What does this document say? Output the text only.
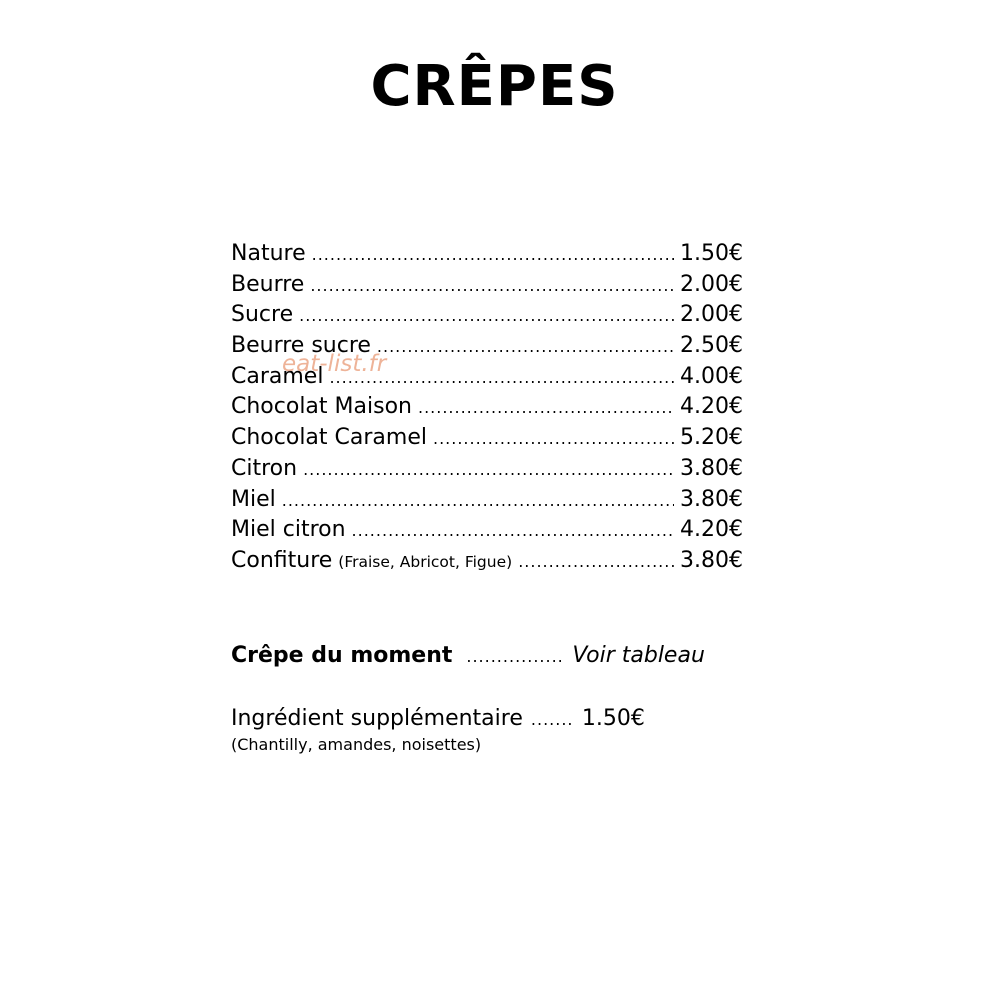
CRÊPES
Nature .....	1.50€
Beurre .....	2.00€
Sucre .....	2.00€
Beurre sucre .....	2.50€
Caramel .....	4.00€
Chocolat Maison .....	4.20€
Chocolat Caramel .....	5.20€
Citron .....	3.80€
Miel .....	3.80€
Miel citron .....	4.20€
Confiture (Fraise, Abricot, Figue) .....	3.80€
Crêpe du moment .....	Voir tableau
Ingrédient supplémentaire .....	1.50€
(Chantilly, amandes, noisettes)
eat-list.fr
